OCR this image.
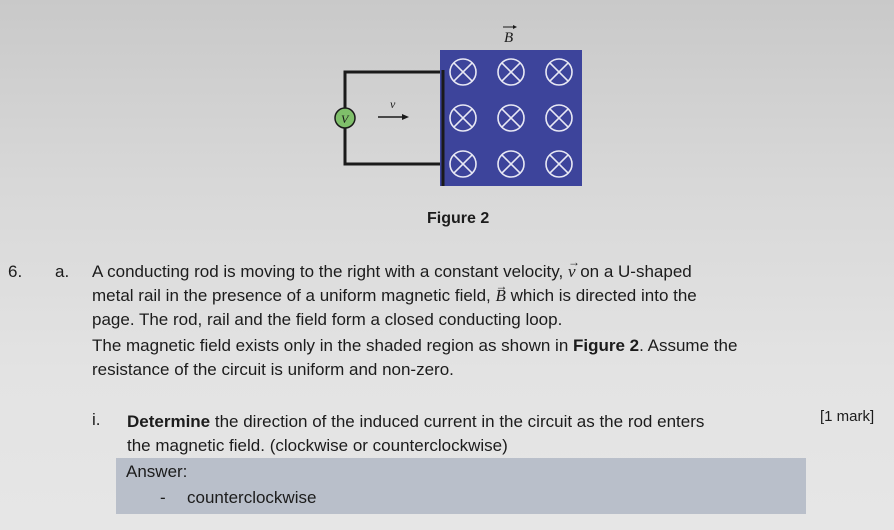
B
V
v
Figure 2
6. a. A conducting rod is moving to the right with a constant velocity, → v on a U-shaped
metal rail in the presence of a uniform magnetic field, → B which is directed into the
page. The rod, rail and the field form a closed conducting loop.
The magnetic field exists only in the shaded region as shown in Figure 2. Assume the
resistance of the circuit is uniform and non-zero.
i. Determine the direction of the induced current in the circuit as the rod enters
the magnetic field. (clockwise or counterclockwise)
[1 mark]
Answer:
- counterclockwise
